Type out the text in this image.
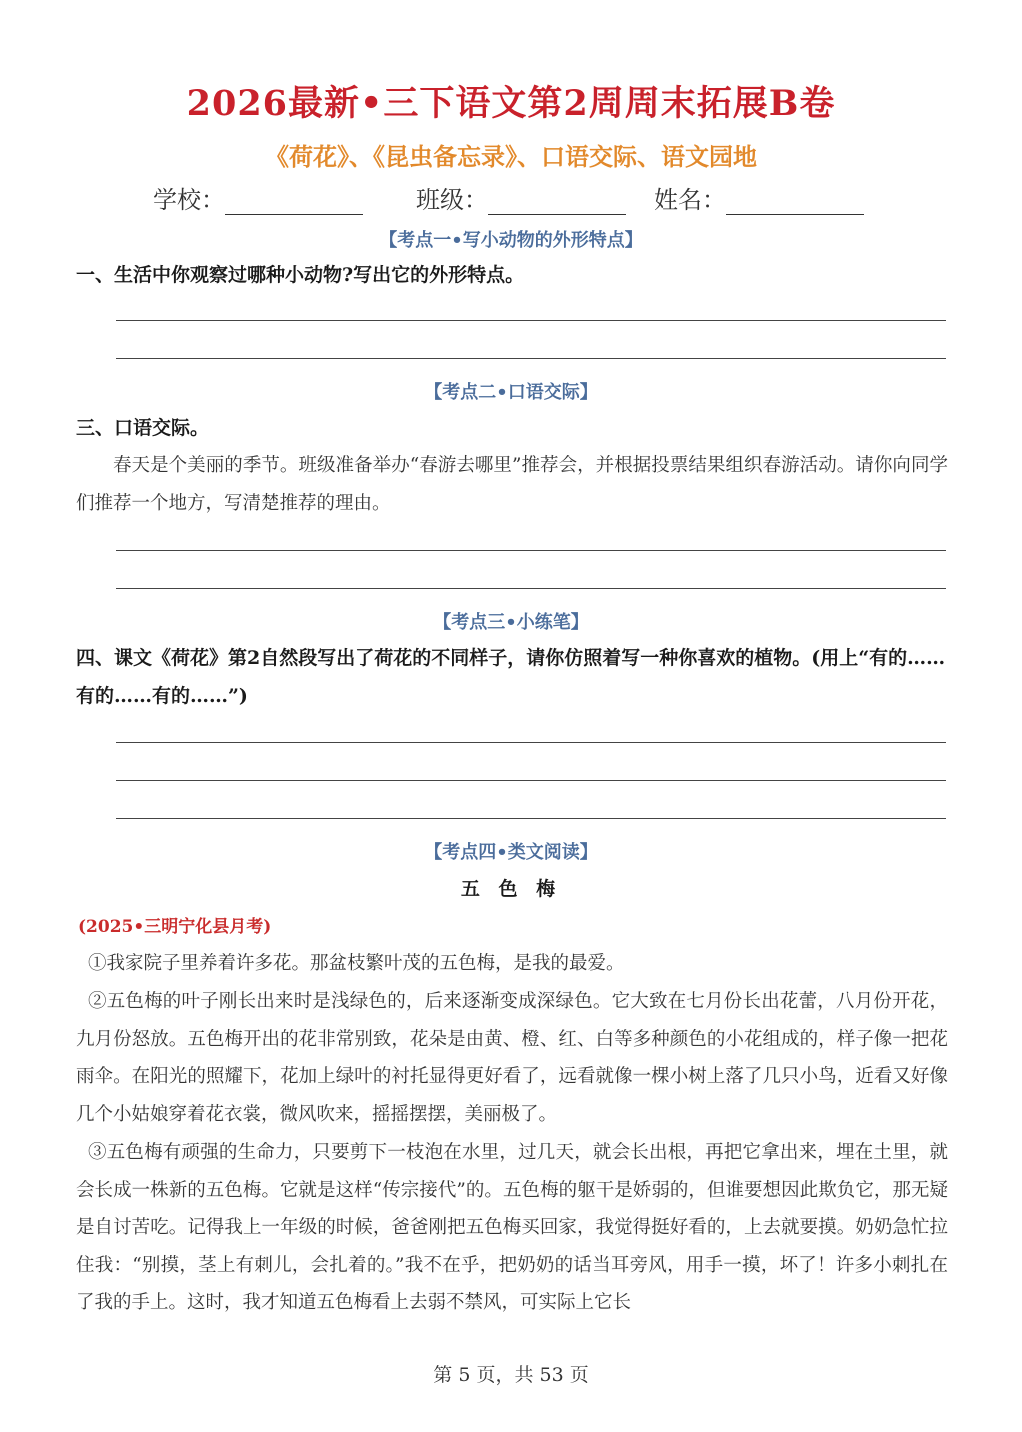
2026最新•三下语文第2周周末拓展B卷
《荷花》、《昆虫备忘录》、口语交际、语文园地
学校：	班级：	姓名：
【考点一•写小动物的外形特点】
一、生活中你观察过哪种小动物?写出它的外形特点。
【考点二•口语交际】
三、口语交际。
春天是个美丽的季节。班级准备举办“春游去哪里”推荐会，并根据投票结果组织春游活动。请你向同学们推荐一个地方，写清楚推荐的理由。
【考点三•小练笔】
四、课文《荷花》第2自然段写出了荷花的不同样子，请你仿照着写一种你喜欢的植物。(用上“有的……有的……有的……”)
【考点四•类文阅读】
五 色 梅
(2025•三明宁化县月考)
①我家院子里养着许多花。那盆枝繁叶茂的五色梅，是我的最爱。
②五色梅的叶子刚长出来时是浅绿色的，后来逐渐变成深绿色。它大致在七月份长出花蕾，八月份开花，九月份怒放。五色梅开出的花非常别致，花朵是由黄、橙、红、白等多种颜色的小花组成的，样子像一把花雨伞。在阳光的照耀下，花加上绿叶的衬托显得更好看了，远看就像一棵小树上落了几只小鸟，近看又好像几个小姑娘穿着花衣裳，微风吹来，摇摇摆摆，美丽极了。
③五色梅有顽强的生命力，只要剪下一枝泡在水里，过几天，就会长出根，再把它拿出来，埋在土里，就会长成一株新的五色梅。它就是这样“传宗接代”的。五色梅的躯干是娇弱的，但谁要想因此欺负它，那无疑是自讨苦吃。记得我上一年级的时候，爸爸刚把五色梅买回家，我觉得挺好看的，上去就要摸。奶奶急忙拉住我：“别摸，茎上有刺儿，会扎着的。”我不在乎，把奶奶的话当耳旁风，用手一摸，坏了！许多小刺扎在了我的手上。这时，我才知道五色梅看上去弱不禁风，可实际上它长
第 5 页，共 53 页
